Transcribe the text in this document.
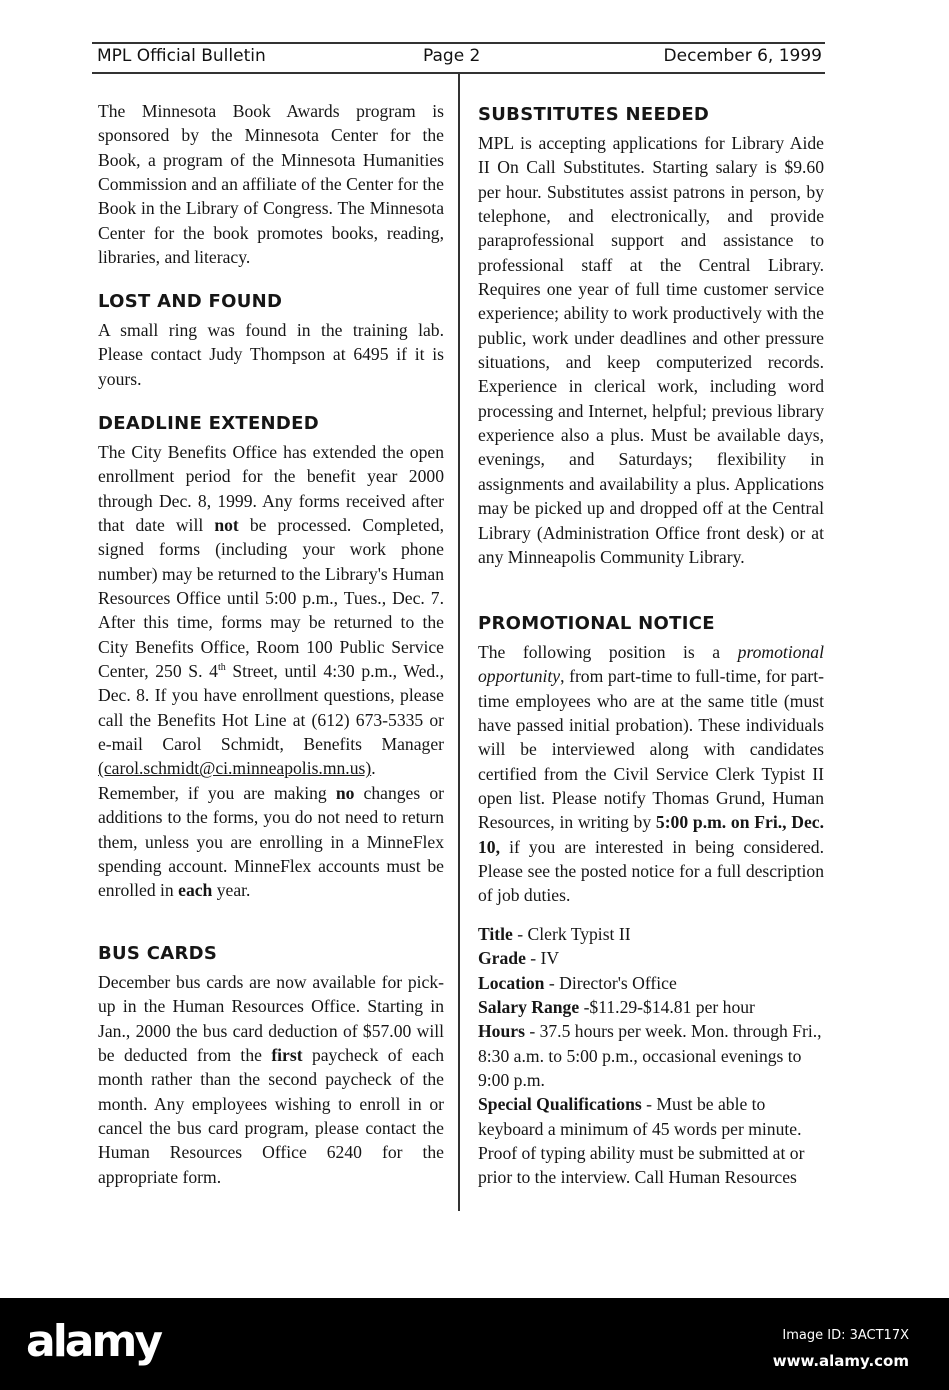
MPL Official Bulletin	Page 2	December 6, 1999

The Minnesota Book Awards program is sponsored by the Minnesota Center for the Book, a program of the Minnesota Humanities Commission and an affiliate of the Center for the Book in the Library of Congress. The Minnesota Center for the book promotes books, reading, libraries, and literacy.

LOST AND FOUND

A small ring was found in the training lab. Please contact Judy Thompson at 6495 if it is yours.

DEADLINE EXTENDED

The City Benefits Office has extended the open enrollment period for the benefit year 2000 through Dec. 8, 1999. Any forms received after that date will not be processed. Completed, signed forms (including your work phone number) may be returned to the Library's Human Resources Office until 5:00 p.m., Tues., Dec. 7. After this time, forms may be returned to the City Benefits Office, Room 100 Public Service Center, 250 S. 4th Street, until 4:30 p.m., Wed., Dec. 8. If you have enrollment questions, please call the Benefits Hot Line at (612) 673-5335 or e-mail Carol Schmidt, Benefits Manager (carol.schmidt@ci.minneapolis.mn.us). Remember, if you are making no changes or additions to the forms, you do not need to return them, unless you are enrolling in a MinneFlex spending account. MinneFlex accounts must be enrolled in each year.

BUS CARDS

December bus cards are now available for pick-up in the Human Resources Office. Starting in Jan., 2000 the bus card deduction of $57.00 will be deducted from the first paycheck of each month rather than the second paycheck of the month. Any employees wishing to enroll in or cancel the bus card program, please contact the Human Resources Office 6240 for the appropriate form.

SUBSTITUTES NEEDED

MPL is accepting applications for Library Aide II On Call Substitutes. Starting salary is $9.60 per hour. Substitutes assist patrons in person, by telephone, and electronically, and provide paraprofessional support and assistance to professional staff at the Central Library. Requires one year of full time customer service experience; ability to work productively with the public, work under deadlines and other pressure situations, and keep computerized records. Experience in clerical work, including word processing and Internet, helpful; previous library experience also a plus. Must be available days, evenings, and Saturdays; flexibility in assignments and availability a plus. Applications may be picked up and dropped off at the Central Library (Administration Office front desk) or at any Minneapolis Community Library.

PROMOTIONAL NOTICE

The following position is a promotional opportunity, from part-time to full-time, for part-time employees who are at the same title (must have passed initial probation). These individuals will be interviewed along with candidates certified from the Civil Service Clerk Typist II open list. Please notify Thomas Grund, Human Resources, in writing by 5:00 p.m. on Fri., Dec. 10, if you are interested in being considered. Please see the posted notice for a full description of job duties.

Title - Clerk Typist II

Grade - IV

Location - Director's Office

Salary Range -$11.29-$14.81 per hour

Hours - 37.5 hours per week. Mon. through Fri., 8:30 a.m. to 5:00 p.m., occasional evenings to 9:00 p.m.

Special Qualifications - Must be able to keyboard a minimum of 45 words per minute. Proof of typing ability must be submitted at or prior to the interview. Call Human Resources

alamy	Image ID: 3ACT17X
www.alamy.com
